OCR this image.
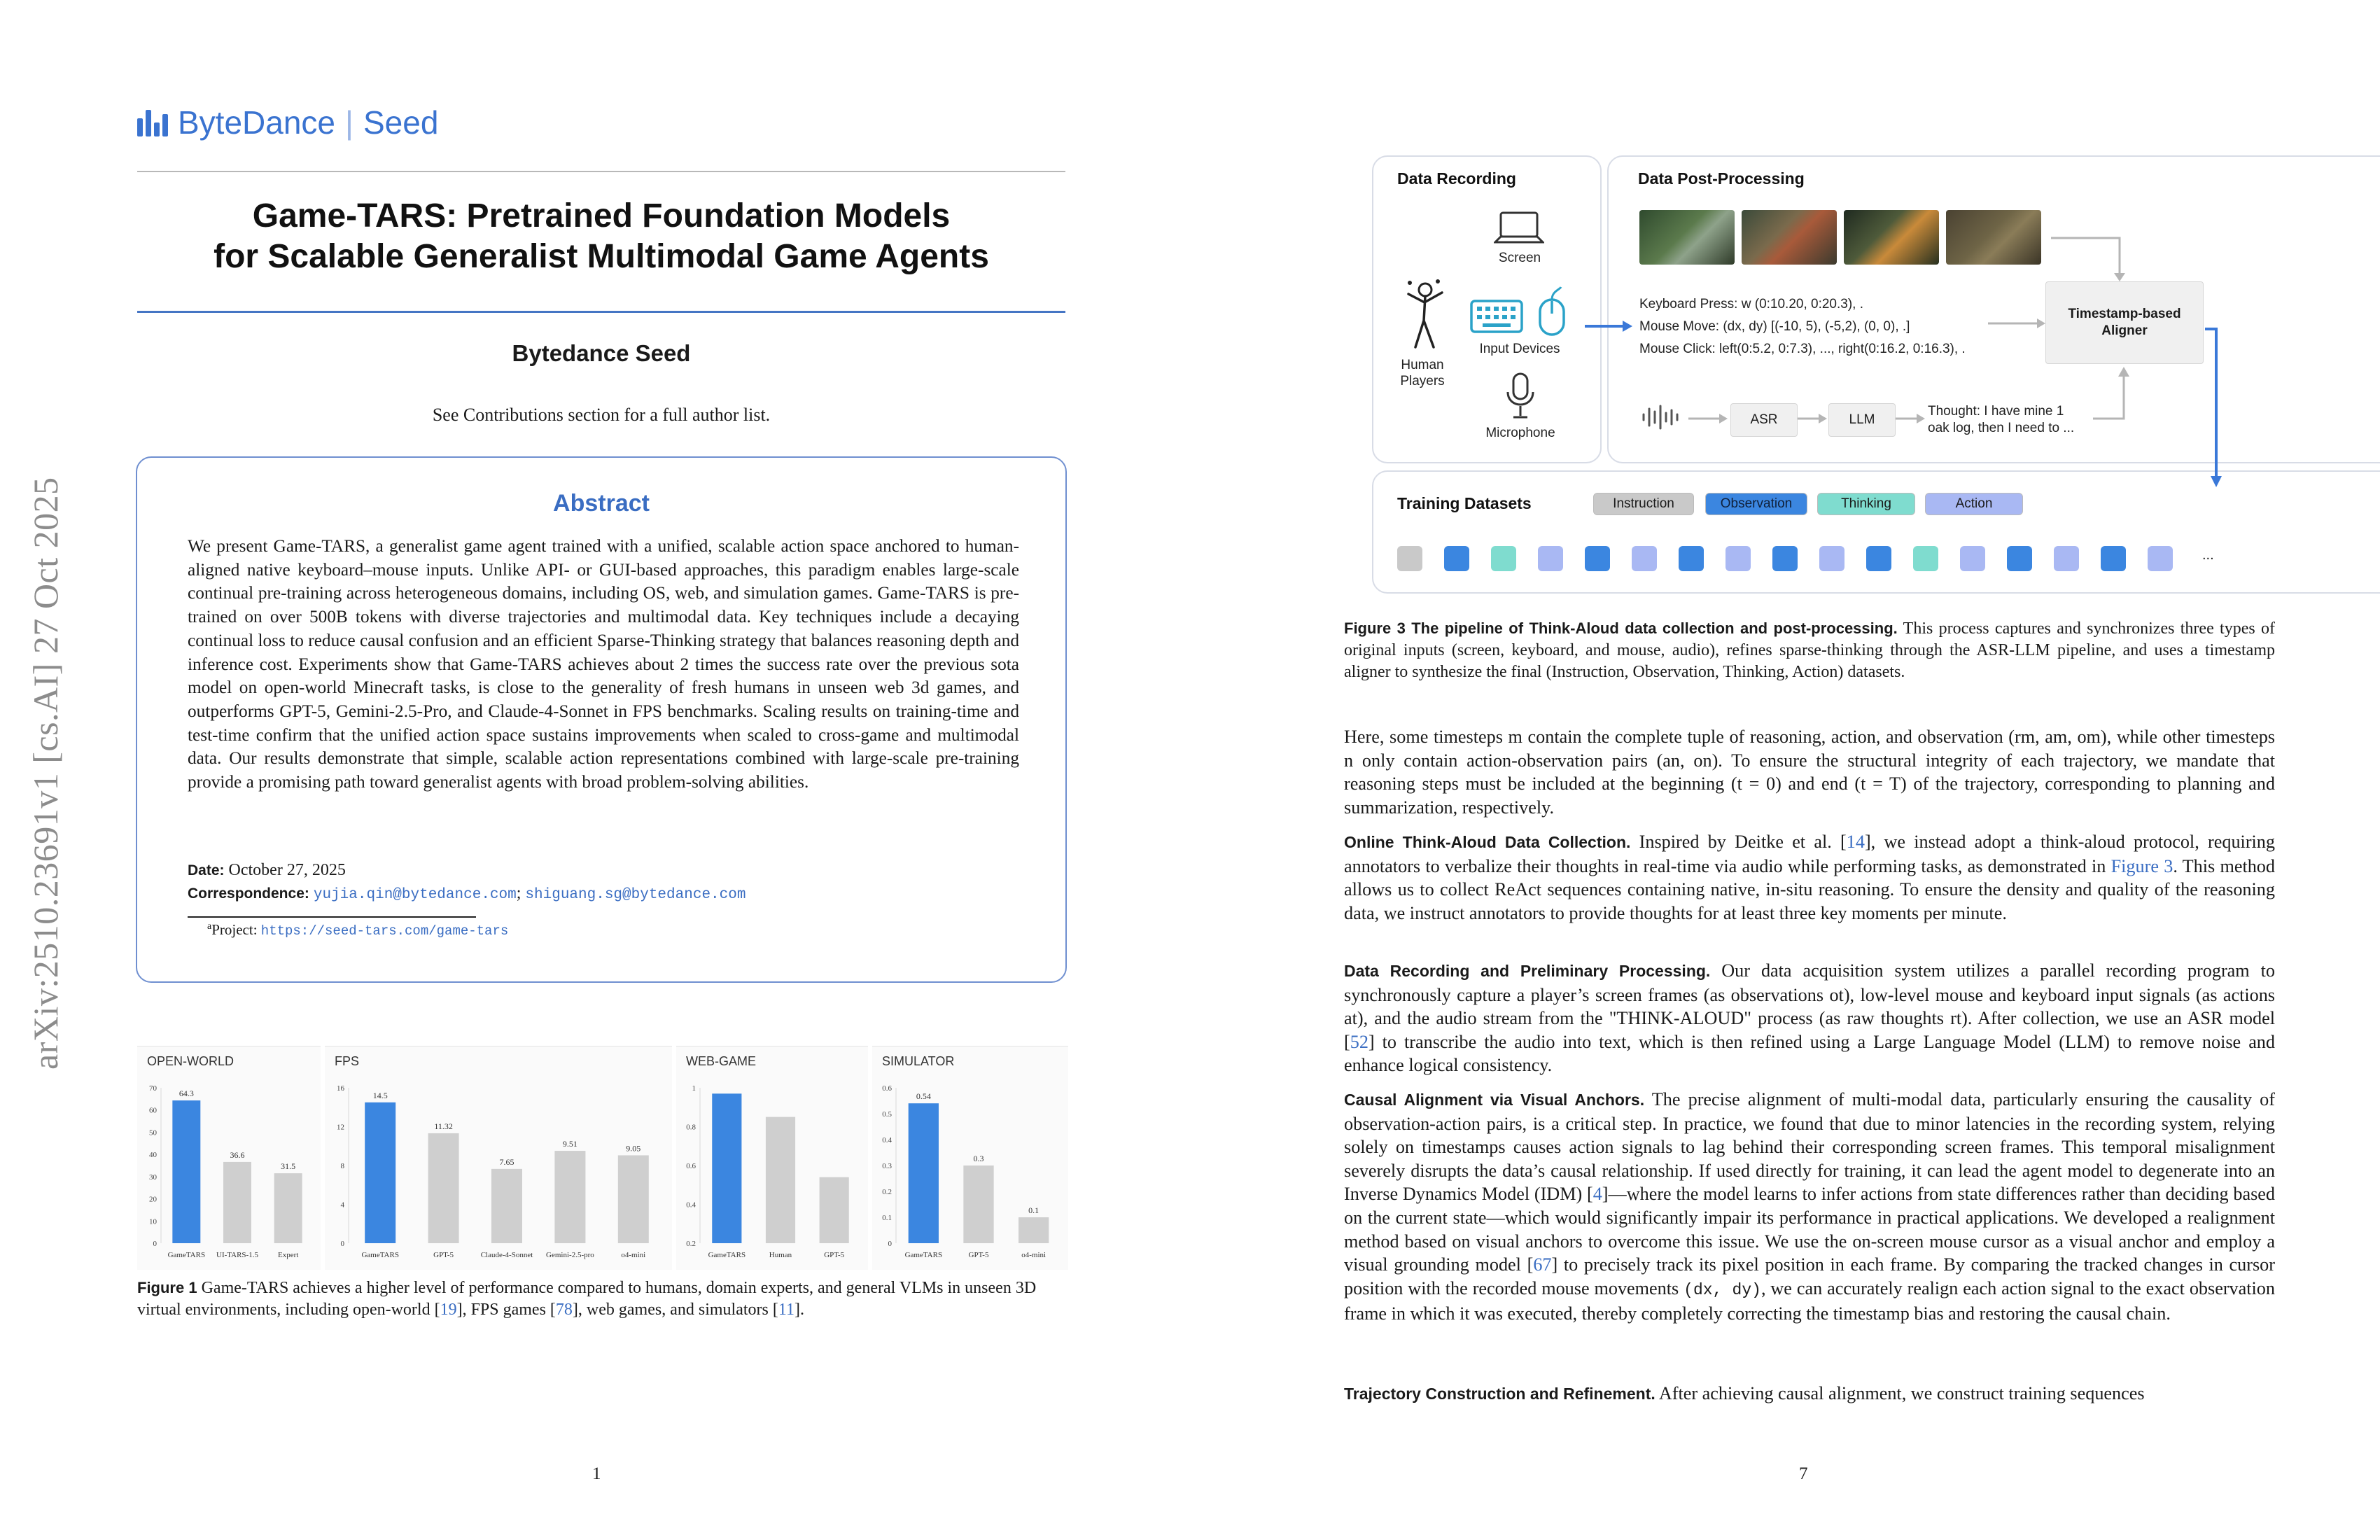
arXiv:2510.23691v1 [cs.AI] 27 Oct 2025
ByteDance | Seed
Game-TARS: Pretrained Foundation Models
for Scalable Generalist Multimodal Game Agents
Bytedance Seed
See Contributions section for a full author list.
Abstract
We present Game-TARS, a generalist game agent trained with a unified, scalable action space anchored to human-aligned native keyboard–mouse inputs. Unlike API- or GUI-based approaches, this paradigm enables large-scale continual pre-training across heterogeneous domains, including OS, web, and simulation games. Game-TARS is pre-trained on over 500B tokens with diverse trajectories and multimodal data. Key techniques include a decaying continual loss to reduce causal confusion and an efficient Sparse-Thinking strategy that balances reasoning depth and inference cost. Experiments show that Game-TARS achieves about 2 times the success rate over the previous sota model on open-world Minecraft tasks, is close to the generality of fresh humans in unseen web 3d games, and outperforms GPT-5, Gemini-2.5-Pro, and Claude-4-Sonnet in FPS benchmarks. Scaling results on training-time and test-time confirm that the unified action space sustains improvements when scaled to cross-game and multimodal data. Our results demonstrate that simple, scalable action representations combined with large-scale pre-training provide a promising path toward generalist agents with broad problem-solving abilities.
Date: October 27, 2025
Correspondence: yujia.qin@bytedance.com; shiguang.sg@bytedance.com
$^a$Project: https://seed-tars.com/game-tars
OPEN-WORLD
0
10
20
30
40
50
60
70
64.3
GameTARS
36.6
UI-TARS-1.5
31.5
Expert
FPS
0
4
8
12
16
14.5
GameTARS
11.32
GPT-5
7.65
Claude-4-Sonnet
9.51
Gemini-2.5-pro
9.05
o4-mini
WEB-GAME
0.2
0.4
0.6
0.8
1
GameTARS	Human	GPT-5
SIMULATOR
0
0.1
0.2
0.3
0.4
0.5
0.6
0.54
GameTARS
0.3
GPT-5
0.1
o4-mini
Figure 1 Game-TARS achieves a higher level of performance compared to humans, domain experts, and general VLMs in unseen 3D virtual environments, including open-world [19], FPS games [78], web games, and simulators [11].
1
Data Recording	Data Post-Processing
Training Datasets
Screen
Human Players
Input Devices
Microphone
Keyboard Press: w (0:10.20, 0:20.3), .
Mouse Move: (dx, dy) [(-10, 5), (-5,2), (0, 0), .]
Mouse Click: left(0:5.2, 0:7.3), ..., right(0:16.2, 0:16.3), .
Timestamp-based
Aligner
ASR	LLM
Thought: I have mine 1
oak log, then I need to ...
Instruction	Observation	Thinking	Action
...
Figure 3 The pipeline of Think-Aloud data collection and post-processing. This process captures and synchronizes three types of original inputs (screen, keyboard, and mouse, audio), refines sparse-thinking through the ASR-LLM pipeline, and uses a timestamp aligner to synthesize the final (Instruction, Observation, Thinking, Action) datasets.
Here, some timesteps m contain the complete tuple of reasoning, action, and observation (rm, am, om), while other timesteps n only contain action-observation pairs (an, on). To ensure the structural integrity of each trajectory, we mandate that reasoning steps must be included at the beginning (t = 0) and end (t = T) of the trajectory, corresponding to planning and summarization, respectively.
Online Think-Aloud Data Collection. Inspired by Deitke et al. [14], we instead adopt a think-aloud protocol, requiring annotators to verbalize their thoughts in real-time via audio while performing tasks, as demonstrated in Figure 3. This method allows us to collect ReAct sequences containing native, in-situ reasoning. To ensure the density and quality of the reasoning data, we instruct annotators to provide thoughts for at least three key moments per minute.
Data Recording and Preliminary Processing. Our data acquisition system utilizes a parallel recording program to synchronously capture a player’s screen frames (as observations ot), low-level mouse and keyboard input signals (as actions at), and the audio stream from the "THINK-ALOUD" process (as raw thoughts rt). After collection, we use an ASR model [52] to transcribe the audio into text, which is then refined using a Large Language Model (LLM) to remove noise and enhance logical consistency.
Causal Alignment via Visual Anchors. The precise alignment of multi-modal data, particularly ensuring the causality of observation-action pairs, is a critical step. In practice, we found that due to minor latencies in the recording system, relying solely on timestamps causes action signals to lag behind their corresponding screen frames. This temporal misalignment severely disrupts the data’s causal relationship. If used directly for training, it can lead the agent model to degenerate into an Inverse Dynamics Model (IDM) [4]—where the model learns to infer actions from state differences rather than deciding based on the current state—which would significantly impair its performance in practical applications. We developed a realignment method based on visual anchors to overcome this issue. We use the on-screen mouse cursor as a visual anchor and employ a visual grounding model [67] to precisely track its pixel position in each frame. By comparing the tracked changes in cursor position with the recorded mouse movements (dx, dy), we can accurately realign each action signal to the exact observation frame in which it was executed, thereby completely correcting the timestamp bias and restoring the causal chain.
Trajectory Construction and Refinement. After achieving causal alignment, we construct training sequences
7
